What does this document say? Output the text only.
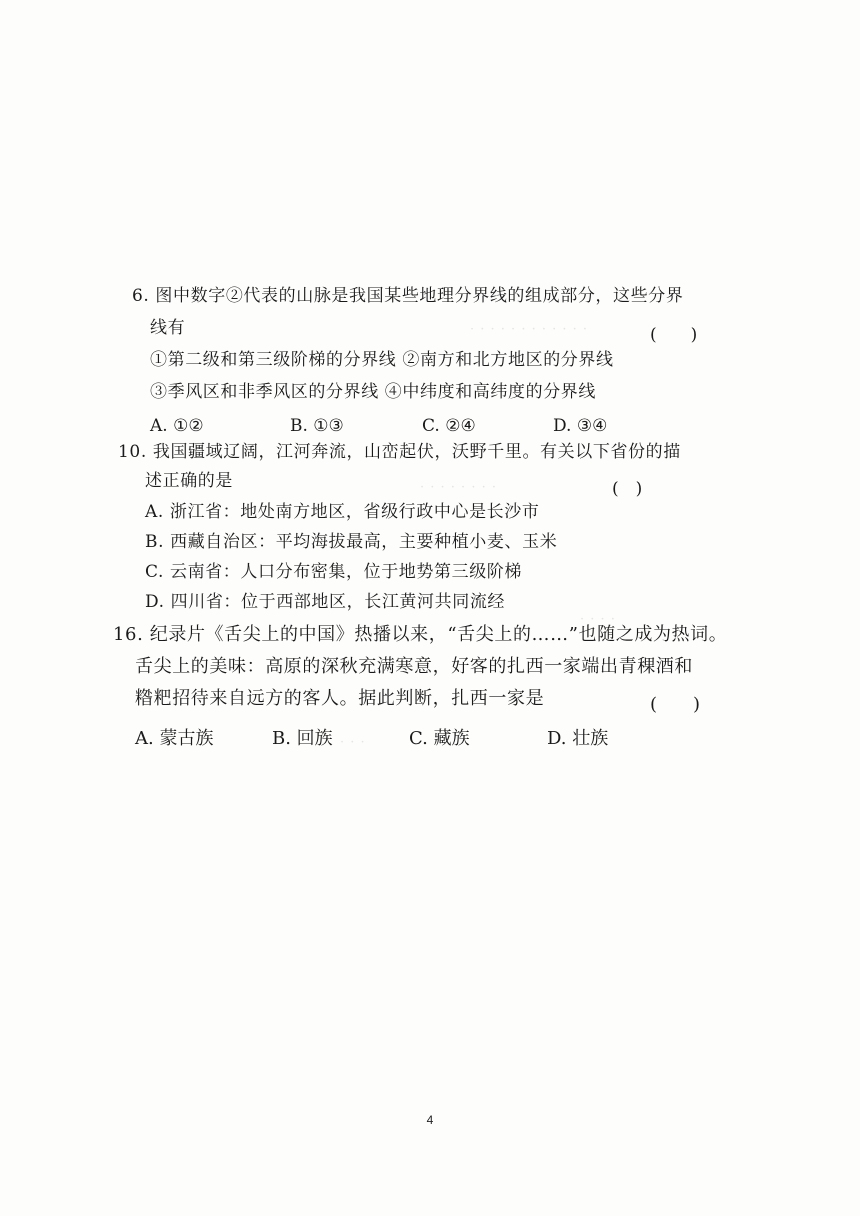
· · · · · · · · · · · ·
· · · · · · · ·
· · · ·
· · ·
6. 图中数字②代表的山脉是我国某些地理分界线的组成部分，这些分界
线有	(　　)
①第二级和第三级阶梯的分界线 ②南方和北方地区的分界线
③季风区和非季风区的分界线 ④中纬度和高纬度的分界线
A. ①②	B. ①③	C. ②④	D. ③④
10. 我国疆域辽阔，江河奔流，山峦起伏，沃野千里。有关以下省份的描
述正确的是	(　)
A. 浙江省：地处南方地区，省级行政中心是长沙市
B. 西藏自治区：平均海拔最高，主要种植小麦、玉米
C. 云南省：人口分布密集，位于地势第三级阶梯
D. 四川省：位于西部地区，长江黄河共同流经
16. 纪录片《舌尖上的中国》热播以来，“舌尖上的……”也随之成为热词。
舌尖上的美味：高原的深秋充满寒意，好客的扎西一家端出青稞酒和
糌粑招待来自远方的客人。据此判断，扎西一家是	(　　)
A. 蒙古族	B. 回族	C. 藏族	D. 壮族
4
